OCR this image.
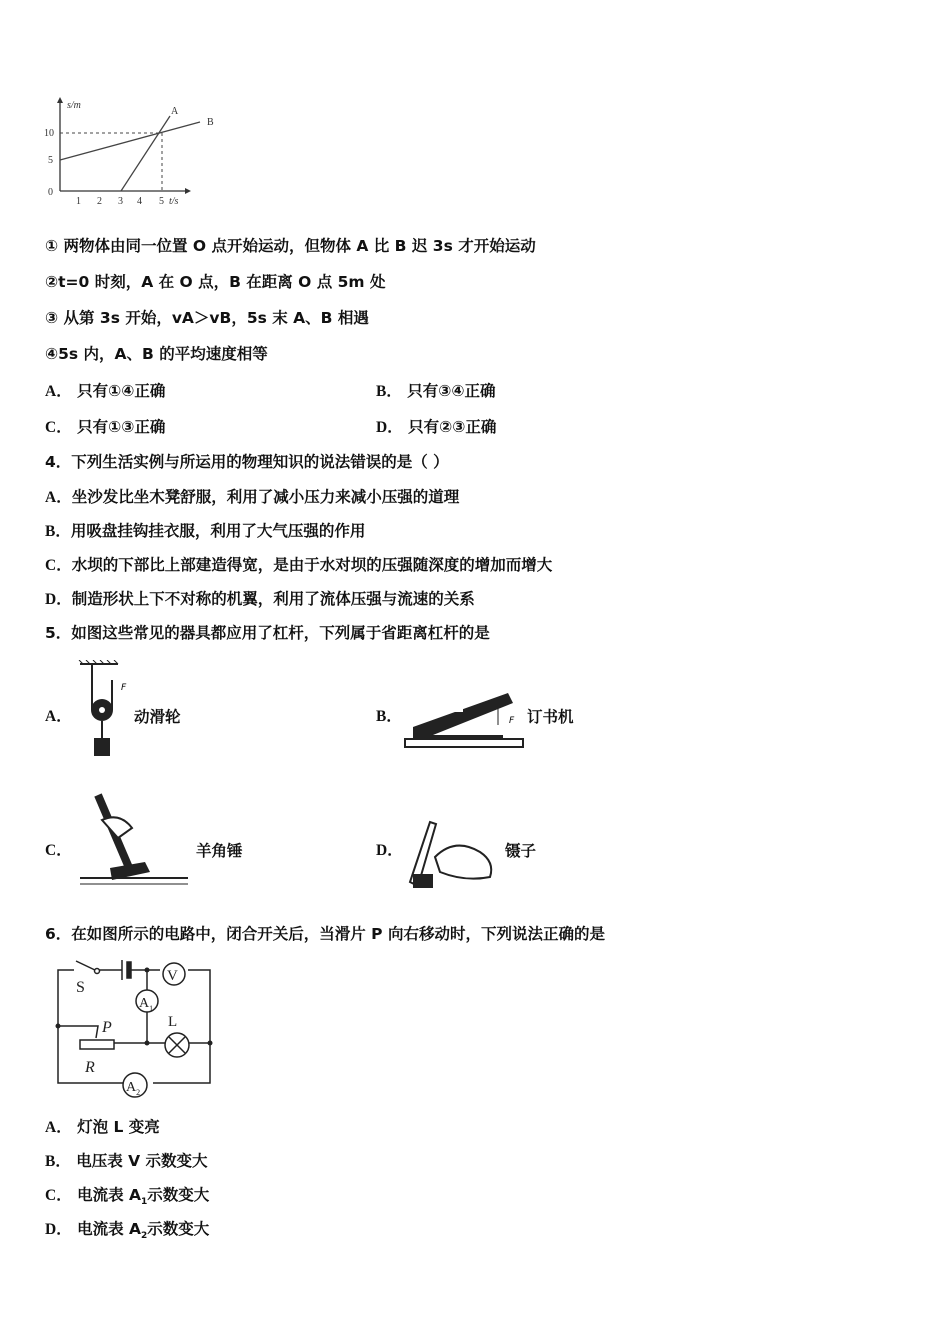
s/m
10
5
0
1 2 3 4 5 t/s
A
B
① 两物体由同一位置 O 点开始运动，但物体 A 比 B 迟 3s 才开始运动
②t=0 时刻，A 在 O 点，B 在距离 O 点 5m 处
③ 从第 3s 开始，vA＞vB，5s 末 A、B 相遇
④5s 内，A、B 的平均速度相等
A． 只有①④正确	B． 只有③④正确
C． 只有①③正确	D． 只有②③正确
4．下列生活实例与所运用的物理知识的说法错误的是（ ）
A．坐沙发比坐木凳舒服，利用了减小压力来减小压强的道理
B．用吸盘挂钩挂衣服，利用了大气压强的作用
C．水坝的下部比上部建造得宽，是由于水对坝的压强随深度的增加而增大
D．制造形状上下不对称的机翼，利用了流体压强与流速的关系
5．如图这些常见的器具都应用了杠杆，下列属于省距离杠杆的是
A．
F
动滑轮	B．	F 订书机
C．	羊角锤	D．	镊子
6．在如图所示的电路中，闭合开关后，当滑片 P 向右移动时，下列说法正确的是
V
$A_1$
L
P
R
S
$A_2$
A． 灯泡 L 变亮
B． 电压表 V 示数变大
C． 电流表 $A_1$示数变大
D． 电流表 $A_2$示数变大
